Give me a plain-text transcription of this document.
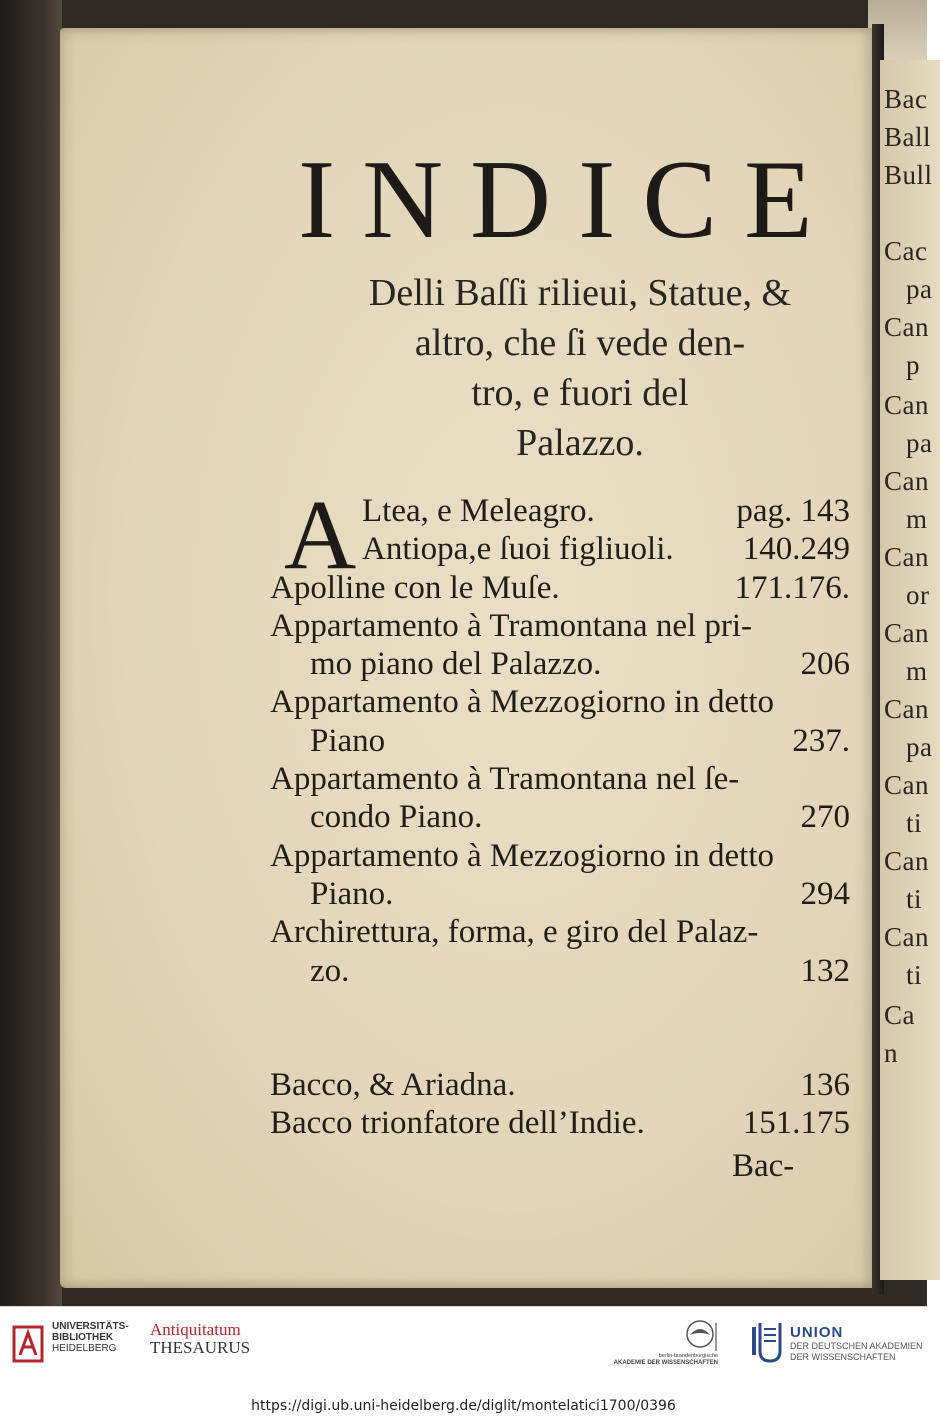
Bac
Ball
Bull
Cac
pa
Can
p
Can
pa
Can
m
Can
or
Can
m
Can
pa
Can
ti
Can
ti
Can
ti
Ca
n
INDICE
Delli Baſſi rilieui, Statue, &
altro, che ſi vede den-
tro, e fuori del
Palazzo.
A Ltea, e Meleagro.	pag. 143
Antiopa,e ſuoi figliuoli. 140.249
Apolline con le Muſe.	171.176.
Appartamento à Tramontana nel pri-
mo piano del Palazzo.	206
Appartamento à Mezzogiorno in detto
Piano	237.
Appartamento à Tramontana nel ſe-
condo Piano.	270
Appartamento à Mezzogiorno in detto
Piano.	294
Archirettura, forma, e giro del Palaz-
zo.	132
Bacco, & Ariadna.	136
Bacco trionfatore dell’Indie.	151.175
Bac-
UNIVERSITÄTS-
BIBLIOTHEK
HEIDELBERG
Antiquitatum
THESAURUS	berlin-brandenburgische
AKADEMIE DER WISSENSCHAFTEN
UNION
DER DEUTSCHEN AKADEMIEN
DER WISSENSCHAFTEN
https://digi.ub.uni-heidelberg.de/diglit/montelatici1700/0396
